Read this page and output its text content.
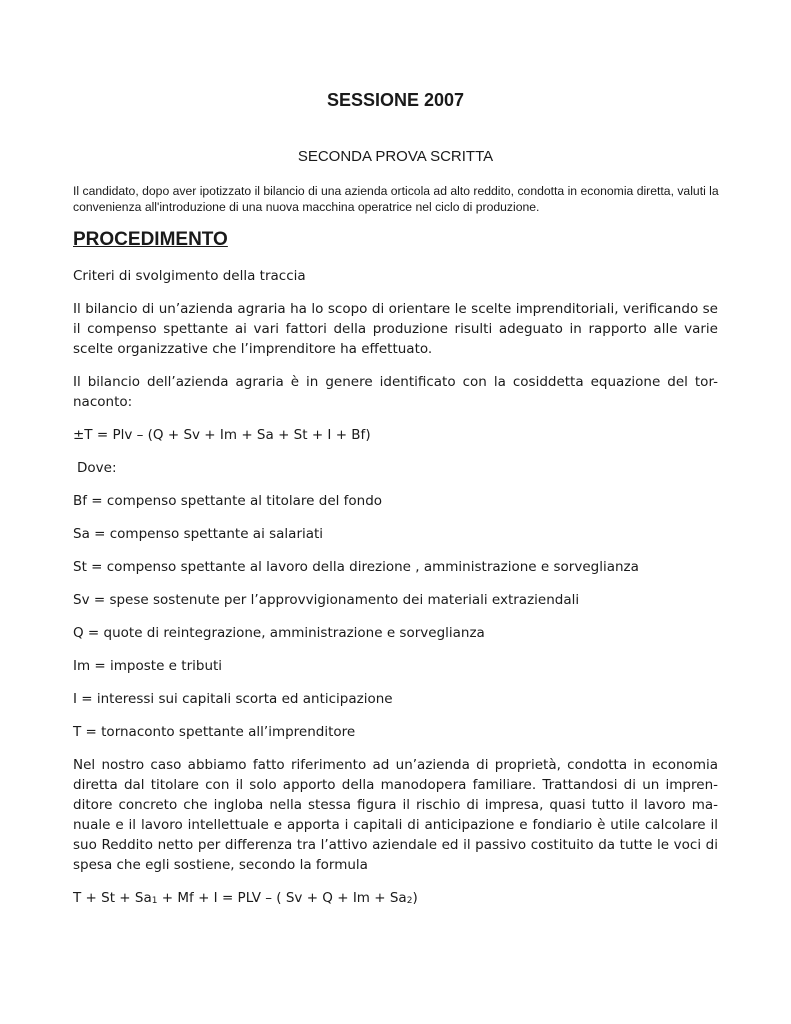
SESSIONE 2007
SECONDA PROVA SCRITTA
Il candidato, dopo aver ipotizzato il bilancio di una azienda orticola ad alto reddito, condotta in economia diretta, valuti la convenienza all'introduzione di una nuova macchina operatrice nel ciclo di produzione.
PROCEDIMENTO

Criteri di svolgimento della traccia

Il bilancio di un’azienda agraria ha lo scopo di orientare le scelte imprenditoriali, verificando se il compenso spettante ai vari fattori della produzione risulti adeguato in rapporto alle varie scelte organizzative che l’imprenditore ha effettuato.

Il bilancio dell’azienda agraria è in genere identificato con la cosiddetta equazione del tor-naconto:

±T = Plv – (Q + Sv + Im + Sa + St + I + Bf)

Dove:

Bf = compenso spettante al titolare del fondo

Sa = compenso spettante ai salariati

St = compenso spettante al lavoro della direzione , amministrazione e sorveglianza

Sv = spese sostenute per l’approvvigionamento dei materiali extraziendali

Q = quote di reintegrazione, amministrazione e sorveglianza

Im = imposte e tributi

I = interessi sui capitali scorta ed anticipazione

T = tornaconto spettante all’imprenditore

Nel nostro caso abbiamo fatto riferimento ad un’azienda di proprietà, condotta in economia diretta dal titolare con il solo apporto della manodopera familiare. Trattandosi di un impren-ditore concreto che ingloba nella stessa figura il rischio di impresa, quasi tutto il lavoro ma-nuale e il lavoro intellettuale e apporta i capitali di anticipazione e fondiario è utile calcolare il suo Reddito netto per differenza tra l’attivo aziendale ed il passivo costituito da tutte le voci di spesa che egli sostiene, secondo la formula

$T + St + Sa_1 + Mf + I$ = PLV – ( $Sv + Q + Im + Sa_2$)
